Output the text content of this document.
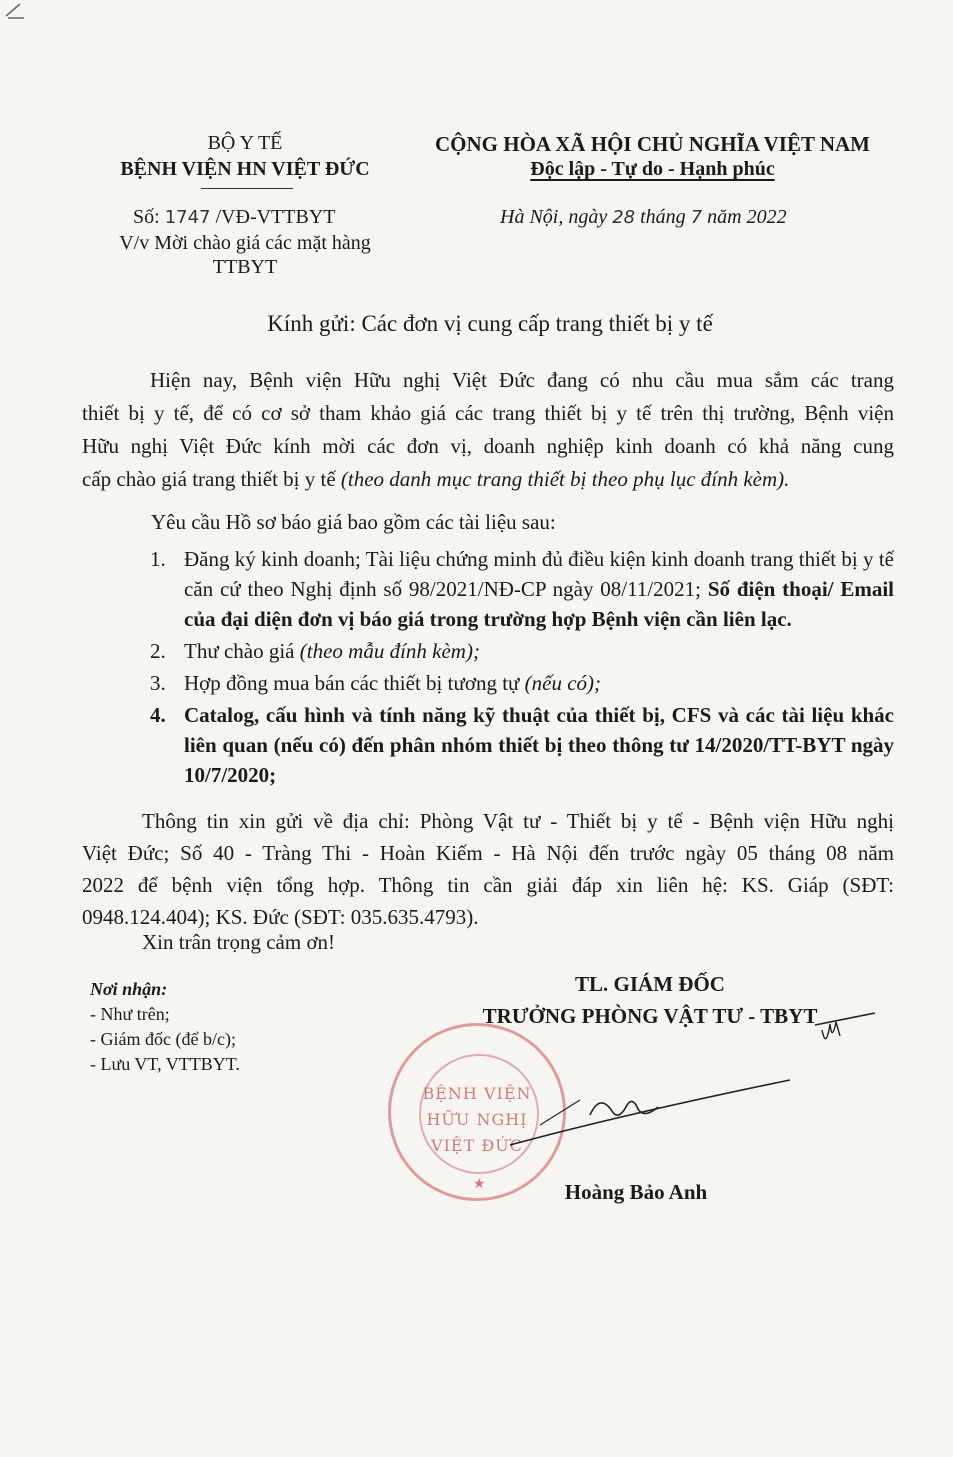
BỘ Y TẾ
BỆNH VIỆN HN VIỆT ĐỨC
Số: 1747 /VĐ-VTTBYT
V/v Mời chào giá các mặt hàng
TTBYT
CỘNG HÒA XÃ HỘI CHỦ NGHĨA VIỆT NAM
Độc lập - Tự do - Hạnh phúc
Hà Nội, ngày 28 tháng 7 năm 2022
Kính gửi: Các đơn vị cung cấp trang thiết bị y tế
Hiện nay, Bệnh viện Hữu nghị Việt Đức đang có nhu cầu mua sắm các trang
thiết bị y tế, để có cơ sở tham khảo giá các trang thiết bị y tế trên thị trường, Bệnh viện
Hữu nghị Việt Đức kính mời các đơn vị, doanh nghiệp kinh doanh có khả năng cung
cấp chào giá trang thiết bị y tế (theo danh mục trang thiết bị theo phụ lục đính kèm).
Yêu cầu Hồ sơ báo giá bao gồm các tài liệu sau:
1. Đăng ký kinh doanh; Tài liệu chứng minh đủ điều kiện kinh doanh trang thiết bị y tế căn cứ theo Nghị định số 98/2021/NĐ-CP ngày 08/11/2021; Số điện thoại/ Email của đại diện đơn vị báo giá trong trường hợp Bệnh viện cần liên lạc.
2. Thư chào giá (theo mẫu đính kèm);
3. Hợp đồng mua bán các thiết bị tương tự (nếu có);
4. Catalog, cấu hình và tính năng kỹ thuật của thiết bị, CFS và các tài liệu khác liên quan (nếu có) đến phân nhóm thiết bị theo thông tư 14/2020/TT-BYT ngày 10/7/2020;
Thông tin xin gửi về địa chỉ: Phòng Vật tư - Thiết bị y tế - Bệnh viện Hữu nghị
Việt Đức; Số 40 - Tràng Thi - Hoàn Kiếm - Hà Nội đến trước ngày 05 tháng 08 năm
2022 để bệnh viện tổng hợp. Thông tin cần giải đáp xin liên hệ: KS. Giáp (SĐT:
0948.124.404); KS. Đức (SĐT: 035.635.4793).
Xin trân trọng cảm ơn!
Nơi nhận:
- Như trên;
- Giám đốc (để b/c);
- Lưu VT, VTTBYT.
TL. GIÁM ĐỐC
TRƯỞNG PHÒNG VẬT TƯ - TBYT
BỆNH VIỆN
HỮU NGHỊ
VIỆT ĐỨC
★	Hoàng Bảo Anh
